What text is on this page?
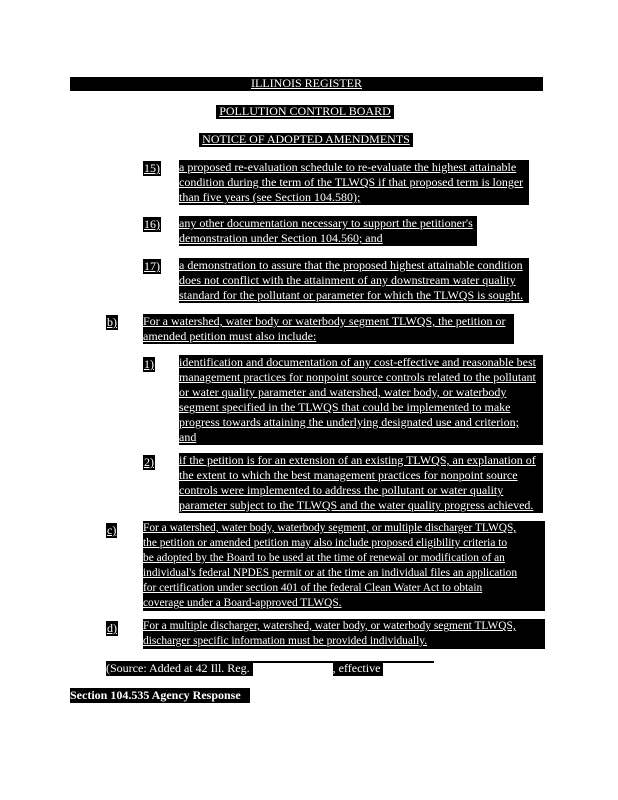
ILLINOIS REGISTER
POLLUTION CONTROL BOARD
NOTICE OF ADOPTED AMENDMENTS
15) a proposed re-evaluation schedule to re-evaluate the highest attainable
condition during the term of the TLWQS if that proposed term is longer
than five years (see Section 104.580);
16) any other documentation necessary to support the petitioner's
demonstration under Section 104.560; and
17) a demonstration to assure that the proposed highest attainable condition
does not conflict with the attainment of any downstream water quality
standard for the pollutant or parameter for which the TLWQS is sought.
b) For a watershed, water body or waterbody segment TLWQS, the petition or
amended petition must also include:
1) identification and documentation of any cost-effective and reasonable best
management practices for nonpoint source controls related to the pollutant
or water quality parameter and watershed, water body, or waterbody
segment specified in the TLWQS that could be implemented to make
progress towards attaining the underlying designated use and criterion;
and
2) if the petition is for an extension of an existing TLWQS, an explanation of
the extent to which the best management practices for nonpoint source
controls were implemented to address the pollutant or water quality
parameter subject to the TLWQS and the water quality progress achieved.
c) For a watershed, water body, waterbody segment, or multiple discharger TLWQS,
the petition or amended petition may also include proposed eligibility criteria to
be adopted by the Board to be used at the time of renewal or modification of an
individual's federal NPDES permit or at the time an individual files an application
for certification under section 401 of the federal Clean Water Act to obtain
coverage under a Board-approved TLWQS.
d) For a multiple discharger, watershed, water body, or waterbody segment TLWQS,
discharger specific information must be provided individually.
(Source: Added at 42 Ill. Reg.	, effective	)
Section 104.535 Agency Response
